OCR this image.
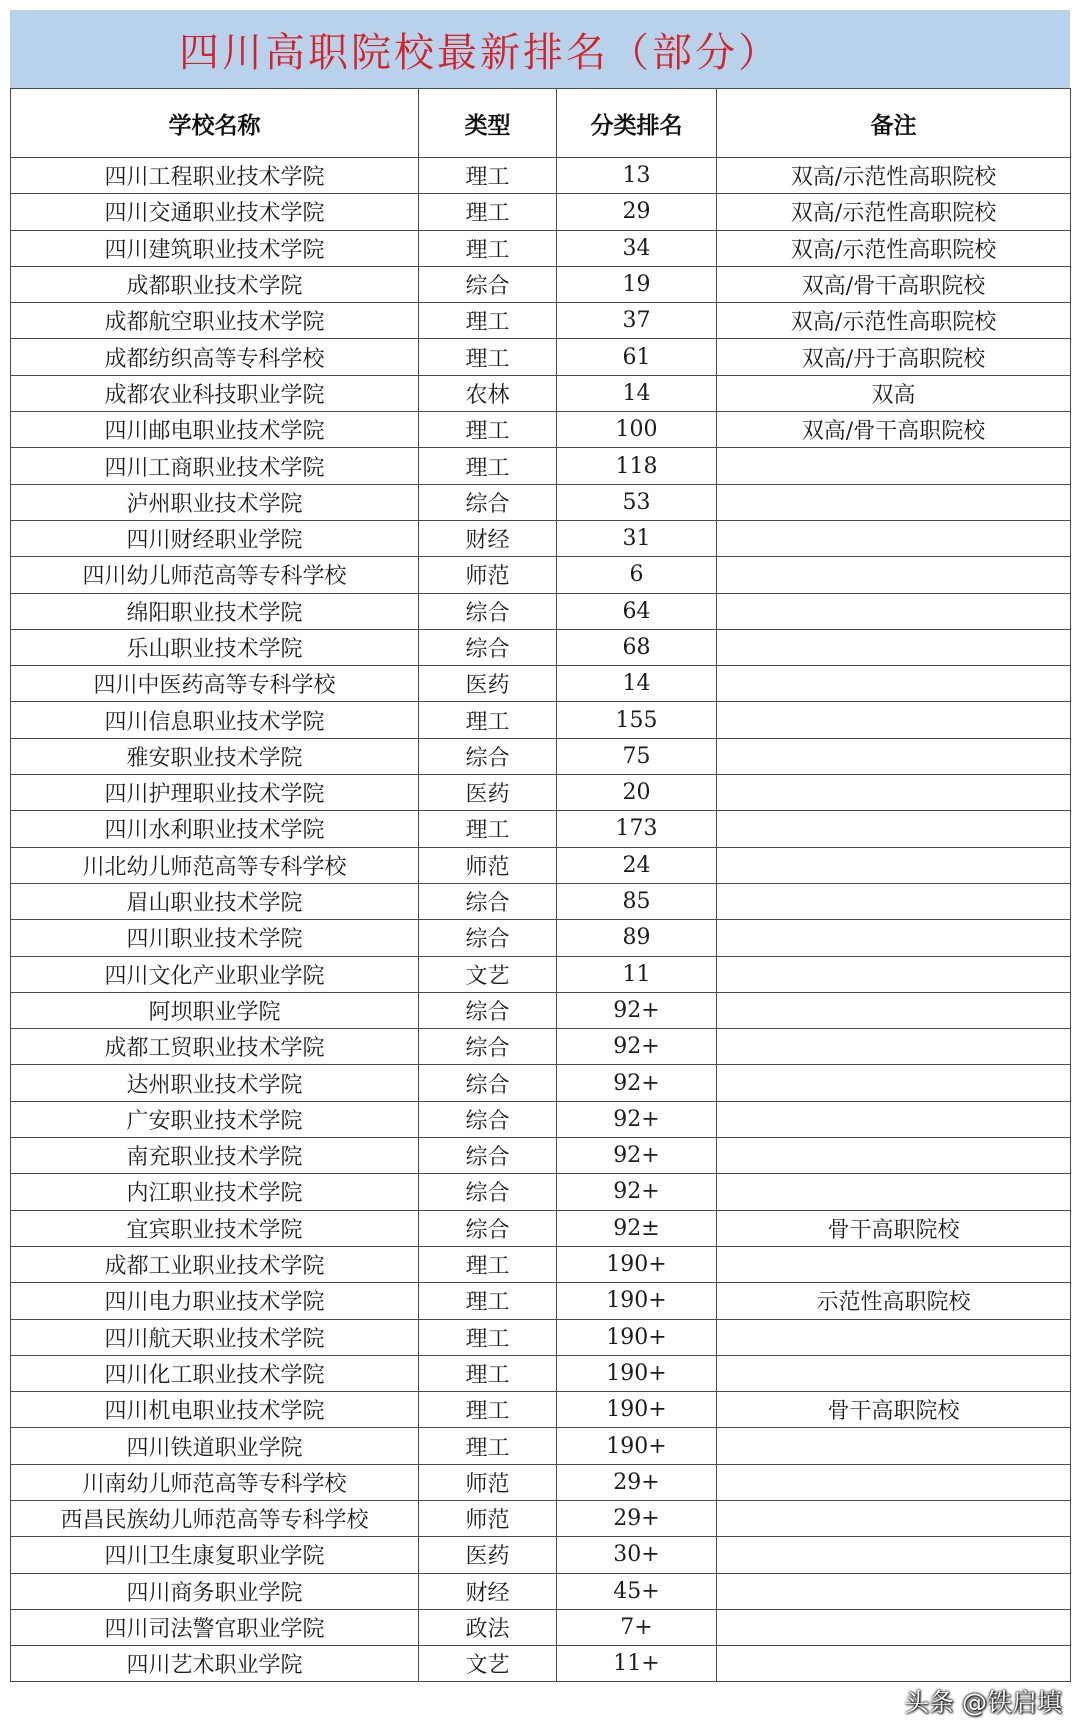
四川高职院校最新排名（部分）
学校名称	类型	分类排名	备注
四川工程职业技术学院	理工	13	双高/示范性高职院校
四川交通职业技术学院	理工	29	双高/示范性高职院校
四川建筑职业技术学院	理工	34	双高/示范性高职院校
成都职业技术学院	综合	19	双高/骨干高职院校
成都航空职业技术学院	理工	37	双高/示范性高职院校
成都纺织高等专科学校	理工	61	双高/丹于高职院校
成都农业科技职业学院	农林	14	双高
四川邮电职业技术学院	理工	100	双高/骨干高职院校
四川工商职业技术学院	理工	118	
泸州职业技术学院	综合	53	
四川财经职业学院	财经	31	
四川幼儿师范高等专科学校	师范	6	
绵阳职业技术学院	综合	64	
乐山职业技术学院	综合	68	
四川中医药高等专科学校	医药	14	
四川信息职业技术学院	理工	155	
雅安职业技术学院	综合	75	
四川护理职业技术学院	医药	20	
四川水利职业技术学院	理工	173	
川北幼儿师范高等专科学校	师范	24	
眉山职业技术学院	综合	85	
四川职业技术学院	综合	89	
四川文化产业职业学院	文艺	11	
阿坝职业学院	综合	92+	
成都工贸职业技术学院	综合	92+	
达州职业技术学院	综合	92+	
广安职业技术学院	综合	92+	
南充职业技术学院	综合	92+	
内江职业技术学院	综合	92+	
宜宾职业技术学院	综合	92±	骨干高职院校
成都工业职业技术学院	理工	190+	
四川电力职业技术学院	理工	190+	示范性高职院校
四川航天职业技术学院	理工	190+	
四川化工职业技术学院	理工	190+	
四川机电职业技术学院	理工	190+	骨干高职院校
四川铁道职业学院	理工	190+	
川南幼儿师范高等专科学校	师范	29+	
西昌民族幼儿师范高等专科学校	师范	29+	
四川卫生康复职业学院	医药	30+	
四川商务职业学院	财经	45+	
四川司法警官职业学院	政法	7+	
四川艺术职业学院	文艺	11+	
头条 @铁启填
